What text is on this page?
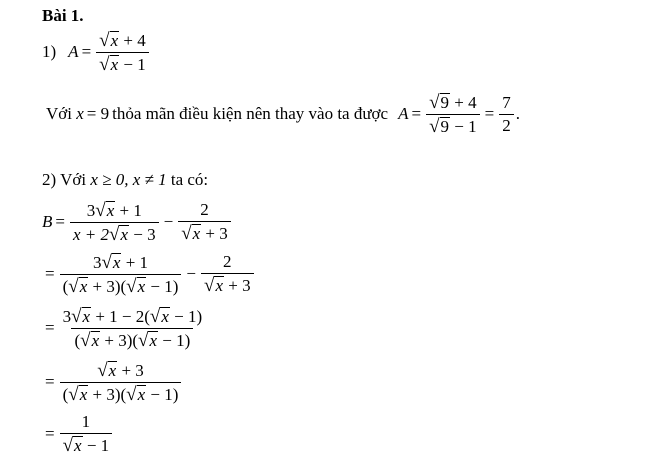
Bài 1.
1) $A = \frac{√ x + 4}{√ x - 1}$
Với
x = 9 thỏa mãn điều kiện nên thay vào ta được $A = \frac{√ 9 + 4}{√ 9 - 1} = \frac{7}{2}$ .
2) Với
x ≥ 0, x ≠ 1
ta có:
$B = \frac{3 √ x + 1}{x + 2 √ x - 3} - \frac{2}{√ x + 3}$
= $\frac{3 √ x + 1}{( √ x + 3)( √ x - 1)} - \frac{2}{√ x + 3}$
= $\frac{3 √ x + 1 - 2( √ x - 1)}{( √ x + 3)( √ x - 1)}$
= $\frac{√ x + 3}{( √ x + 3)( √ x - 1)}$
= $\frac{1}{√ x - 1}$
